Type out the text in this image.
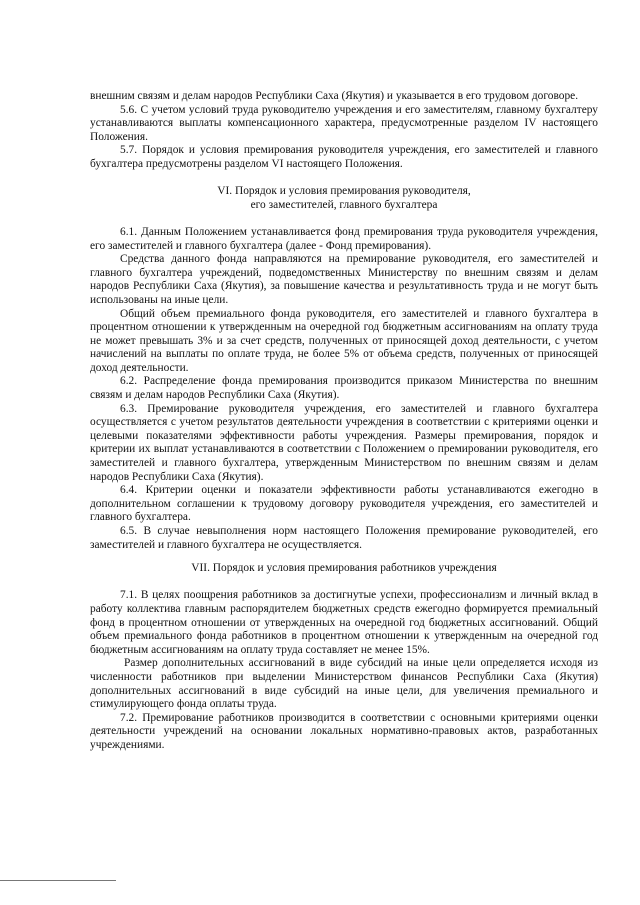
внешним связям и делам народов Республики Саха (Якутия) и указывается в его трудовом договоре.

5.6. С учетом условий труда руководителю учреждения и его заместителям, главному бухгалтеру устанавливаются выплаты компенсационного характера, предусмотренные разделом IV настоящего Положения.

5.7. Порядок и условия премирования руководителя учреждения, его заместителей и главного бухгалтера предусмотрены разделом VI настоящего Положения.

VI. Порядок и условия премирования руководителя,

его заместителей, главного бухгалтера

6.1. Данным Положением устанавливается фонд премирования труда руководителя учреждения, его заместителей и главного бухгалтера (далее - Фонд премирования).

Средства данного фонда направляются на премирование руководителя, его заместителей и главного бухгалтера учреждений, подведомственных Министерству по внешним связям и делам народов Республики Саха (Якутия), за повышение качества и результативность труда и не могут быть использованы на иные цели.

Общий объем премиального фонда руководителя, его заместителей и главного бухгалтера в процентном отношении к утвержденным на очередной год бюджетным ассигнованиям на оплату труда не может превышать 3% и за счет средств, полученных от приносящей доход деятельности, с учетом начислений на выплаты по оплате труда, не более 5% от объема средств, полученных от приносящей доход деятельности.

6.2. Распределение фонда премирования производится приказом Министерства по внешним связям и делам народов Республики Саха (Якутия).

6.3. Премирование руководителя учреждения, его заместителей и главного бухгалтера осуществляется с учетом результатов деятельности учреждения в соответствии с критериями оценки и целевыми показателями эффективности работы учреждения. Размеры премирования, порядок и критерии их выплат устанавливаются в соответствии с Положением о премировании руководителя, его заместителей и главного бухгалтера, утвержденным Министерством по внешним связям и делам народов Республики Саха (Якутия).

6.4. Критерии оценки и показатели эффективности работы устанавливаются ежегодно в дополнительном соглашении к трудовому договору руководителя учреждения, его заместителей и главного бухгалтера.

6.5. В случае невыполнения норм настоящего Положения премирование руководителей, его заместителей и главного бухгалтера не осуществляется.

VII. Порядок и условия премирования работников учреждения

7.1. В целях поощрения работников за достигнутые успехи, профессионализм и личный вклад в работу коллектива главным распорядителем бюджетных средств ежегодно формируется премиальный фонд в процентном отношении от утвержденных на очередной год бюджетных ассигнований. Общий объем премиального фонда работников в процентном отношении к утвержденным на очередной год бюджетным ассигнованиям на оплату труда составляет не менее 15%.

Размер дополнительных ассигнований в виде субсидий на иные цели определяется исходя из численности работников при выделении Министерством финансов Республики Саха (Якутия) дополнительных ассигнований в виде субсидий на иные цели, для увеличения премиального и стимулирующего фонда оплаты труда.

7.2. Премирование работников производится в соответствии с основными критериями оценки деятельности учреждений на основании локальных нормативно-правовых актов, разработанных учреждениями.
